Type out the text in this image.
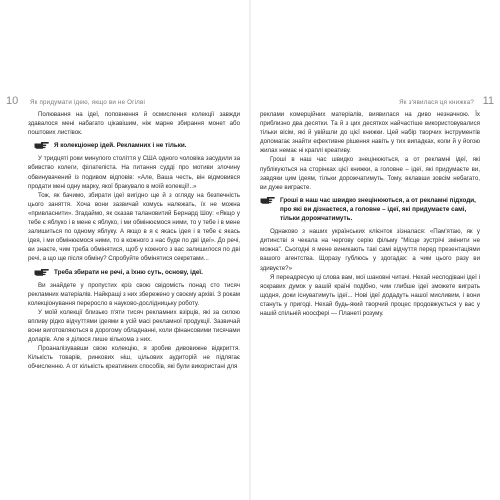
10 Як придумати ідею, якщо ви не Огілві

Полювання на ідеї, поповнення й осмислення колекції завжди здавалося мені набагато цікавішим, ніж марне збирання монет або поштових листівок.

Я колекціонер ідей. Рекламних і не тільки.

У тридцяті роки минулого століття у США одного чоловіка засудили за вбивство колеги, філателіста. На питання судді про мотиви злочину обвинувачений із подивом відповів: «Але, Ваша честь, він відмовився продати мені одну марку, якої бракувало в моїй колекції!..»

Тож, як бачимо, збирати ідеї вигідно ще й з огляду на безпечність цього заняття. Хоча вони зазвичай комусь належать, їх не можна «привласнити». Згадаймо, як сказав талановитий Бернард Шоу: «Якщо у тебе є яблуко і в мене є яблуко, і ми обмінюємося ними, то у тебе і в мене залишиться по одному яблуку. А якщо в я є якась ідея і в тебе є якась ідея, і ми обмінюємося ними, то в кожного з нас буде по дві ідеї». До речі, ви знаєте, чим треба обмінятися, щоб у кожного з вас залишилося по дві речі, а що ще після обміну? Спробуйте обмінятися секретами...

Треба збирати не речі, а їхню суть, основу, ідеї.

Ви знайдете у пропустих кріз свою свідомість понад сто тисяч рекламних матеріалів. Найкращі з них збережено у своєму архіві. З рокам колекціонування переросло в науково-дослідницьку роботу.

У моїй колекції близько п'яти тисяч рекламних взірців, які за силою впливу рідко відчуттями ідеями в усій масі рекламної продукції. Зазвичай вони виготовляються в дорогому обладнанні, коли фінансовими тисячами доларів. Але я ділюся лише кількома з них.

Проаналізувавши свою колекцію, я зробив дивовижне відкриття. Кількість товарів, ринкових ніш, цільових аудиторій не підлягає обчисленню. А от кількість креативних способів, які були використані для

11
Як з'явилася ця книжка?

реклами комерційних матеріалів, виявилася на диво незначною. Їх приблизно два десятки. Та й з цих десяткох найчастіше використовувалися тільки вісім, які й увійшли до цієї книжки. Цей набір творчих інструментів допомагає знайти ефективне рішення навіть у тих випадках, коли й у йогою жилах немає ні краплі креативу.

Гроші в наш час швидко знецінюються, а от рекламні ідеї, які публікуються на сторінках цієї книжки, а головне – ідеї, які придумаєте ви, завдяки цим ідеям, тільки дорожчатимуть. Тому, вклавши зовсім небагато, ви дуже виграєте.

Гроші в наш час швидко знецінюються, а от рекламні підходи, про які ви дізнаєтеся, а головне – ідеї, які придумаєте самі, тільки дорожчатимуть.

Однаково з наших українських клієнток зізналася: «Пам'ятаю, як у дитинстві я чекала на чергову серію фільму "Місце зустрічі змінити не можна". Сьогодні я мене виникають такі самі відчуття перед презентаціями вашого агентства. Щоразу гублюсь у здогадах: а чим цього разу ви здивуєте?»

Я переадресую ці слова вам, мої шановні читачі. Нехай несподівані ідеї і яскравих думок у вашій країні подібно, чим глибше ідеї зможете виграть щодня, доки існуватимуть ідеї... Нові ідеї додадуть нашої мисливим, і вони стануть у пригоді. Нехай будь-який творчий процес продовжується у вас у нашій спільній ноосфері — Планеті розуму.
